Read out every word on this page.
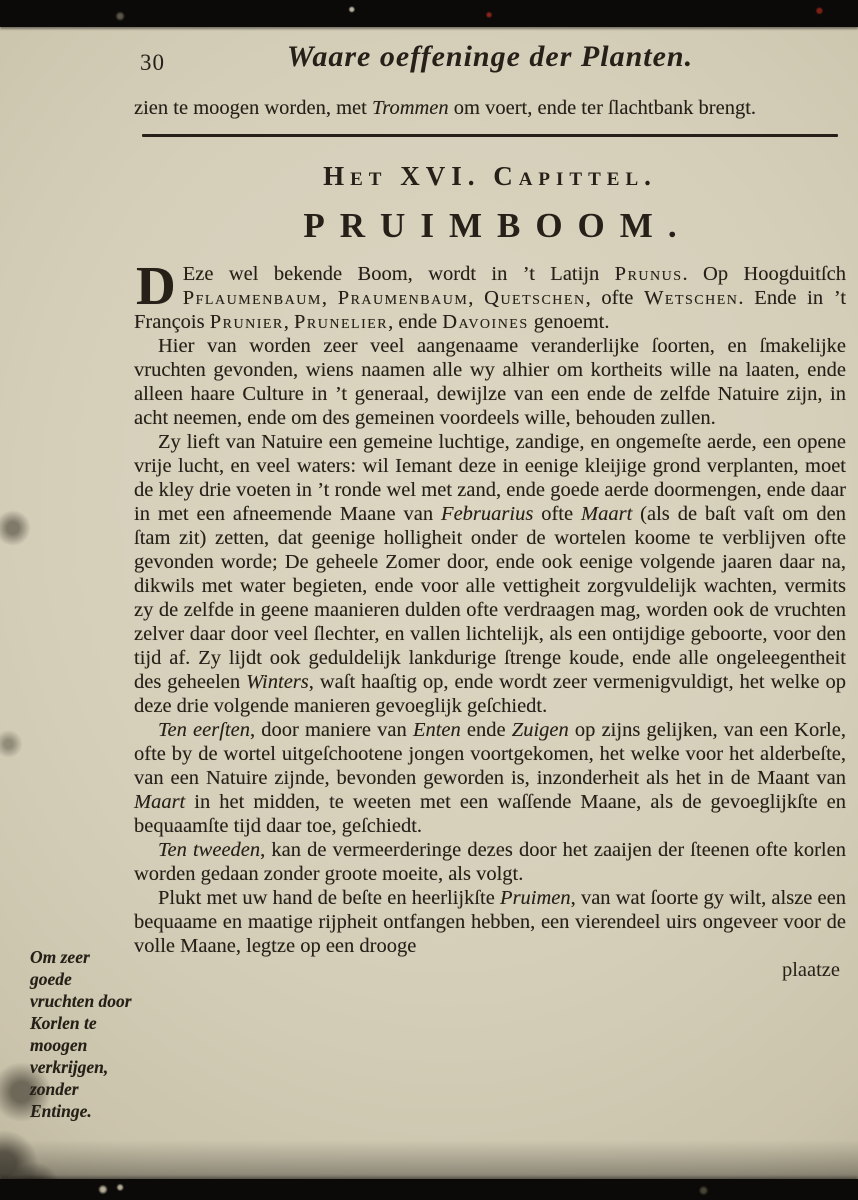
30	Waare oeffeninge der Planten.

zien te moogen worden, met Trommen om voert, ende ter ſlachtbank brengt.

Het XVI. Capittel.
PRUIMBOOM.

D Eze wel bekende Boom, wordt in ’t Latijn Prunus. Op Hoogduitſch Pflaumenbaum, Praumenbaum, Quetschen, ofte Wetschen. Ende in ’t François Prunier, Prunelier, ende Davoines genoemt.

Hier van worden zeer veel aangenaame veranderlijke ſoorten, en ſmakelijke vruchten gevonden, wiens naamen alle wy alhier om kortheits wille na laaten, ende alleen haare Culture in ’t generaal, dewijlze van een ende de zelfde Natuire zijn, in acht neemen, ende om des gemeinen voordeels wille, behouden zullen.

Zy lieft van Natuire een gemeine luchtige, zandige, en ongemeſte aerde, een opene vrije lucht, en veel waters: wil Iemant deze in eenige kleijige grond verplanten, moet de kley drie voeten in ’t ronde wel met zand, ende goede aerde doormengen, ende daar in met een afneemende Maane van Februarius ofte Maart (als de baſt vaſt om den ſtam zit) zetten, dat geenige holligheit onder de wortelen koome te verblijven ofte gevonden worde; De geheele Zomer door, ende ook eenige volgende jaaren daar na, dikwils met water begieten, ende voor alle vettigheit zorgvuldelijk wachten, vermits zy de zelfde in geene maanieren dulden ofte verdraagen mag, worden ook de vruchten zelver daar door veel ſlechter, en vallen lichtelijk, als een ontijdige geboorte, voor den tijd af. Zy lijdt ook geduldelijk lankdurige ſtrenge koude, ende alle ongeleegentheit des geheelen Winters, waſt haaſtig op, ende wordt zeer vermenigvuldigt, het welke op deze drie volgende manieren gevoeglijk geſchiedt.

Ten eerſten, door maniere van Enten ende Zuigen op zijns gelijken, van een Korle, ofte by de wortel uitgeſchootene jongen voortgekomen, het welke voor het alderbeſte, van een Natuire zijnde, bevonden geworden is, inzonderheit als het in de Maant van Maart in het midden, te weeten met een waſſende Maane, als de gevoeglijkſte en bequaamſte tijd daar toe, geſchiedt.

Ten tweeden, kan de vermeerderinge dezes door het zaaijen der ſteenen ofte korlen worden gedaan zonder groote moeite, als volgt.

Plukt met uw hand de beſte en heerlijkſte Pruimen, van wat ſoorte gy wilt, alsze een bequaame en maatige rijpheit ontfangen hebben, een vierendeel uirs ongeveer voor de volle Maane, legtze op een drooge

plaatze
Om zeer goede vruchten door Korlen te moogen verkrijgen, zonder Entinge.
